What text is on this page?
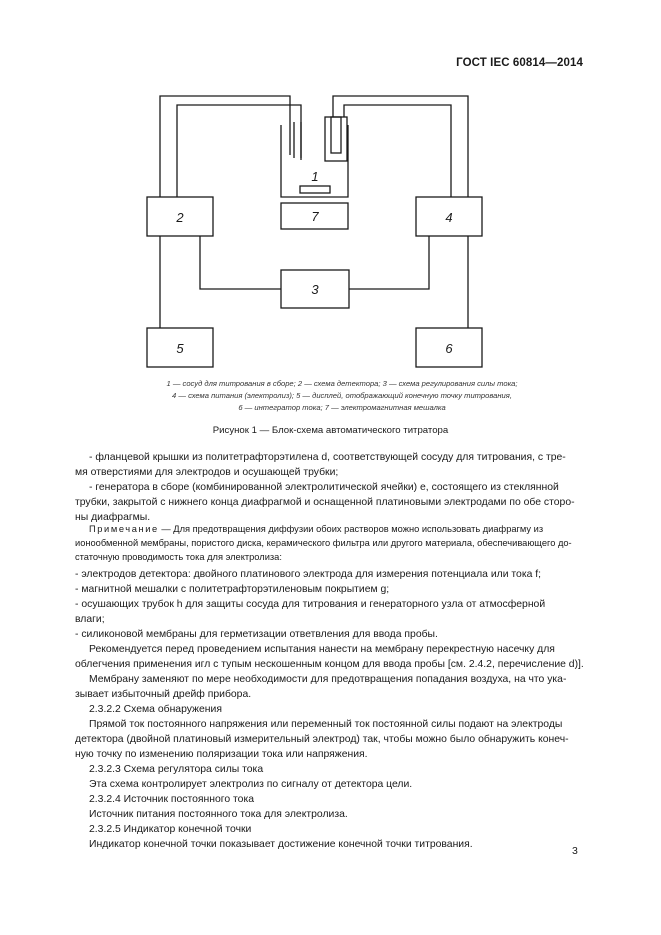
ГОСТ IEC 60814—2014
1
2
3
4
5	6
7
1 — сосуд для титрования в сборе; 2 — схема детектора; 3 — схема регулирования силы тока;
4 — схема питания (электролиз); 5 — дисплей, отображающий конечную точку титрования,
6 — интегратор тока; 7 — электромагнитная мешалка
Рисунок 1 — Блок-схема автоматического титратора
- фланцевой крышки из политетрафторэтилена d, соответствующей сосуду для титрования, с тре-
мя отверстиями для электродов и осушающей трубки;
- генератора в сборе (комбинированной электролитической ячейки) е, состоящего из стеклянной
трубки, закрытой с нижнего конца диафрагмой и оснащенной платиновыми электродами по обе сторо-
ны диафрагмы.
Примечание — Для предотвращения диффузии обоих растворов можно использовать диафрагму из
ионообменной мембраны, пористого диска, керамического фильтра или другого материала, обеспечивающего до-
статочную проводимость тока для электролиза:
- электродов детектора: двойного платинового электрода для измерения потенциала или тока f;
- магнитной мешалки с политетрафторэтиленовым покрытием g;
- осушающих трубок h для защиты сосуда для титрования и генераторного узла от атмосферной
влаги;
- силиконовой мембраны для герметизации ответвления для ввода пробы.
Рекомендуется перед проведением испытания нанести на мембрану перекрестную насечку для
облегчения применения игл с тупым нескошенным концом для ввода пробы [см. 2.4.2, перечисление d)].
Мембрану заменяют по мере необходимости для предотвращения попадания воздуха, на что ука-
зывает избыточный дрейф прибора.
2.3.2.2 Схема обнаружения
Прямой ток постоянного напряжения или переменный ток постоянной силы подают на электроды
детектора (двойной платиновый измерительный электрод) так, чтобы можно было обнаружить конеч-
ную точку по изменению поляризации тока или напряжения.
2.3.2.3 Схема регулятора силы тока
Эта схема контролирует электролиз по сигналу от детектора цели.
2.3.2.4 Источник постоянного тока
Источник питания постоянного тока для электролиза.
2.3.2.5 Индикатор конечной точки
Индикатор конечной точки показывает достижение конечной точки титрования.
3
